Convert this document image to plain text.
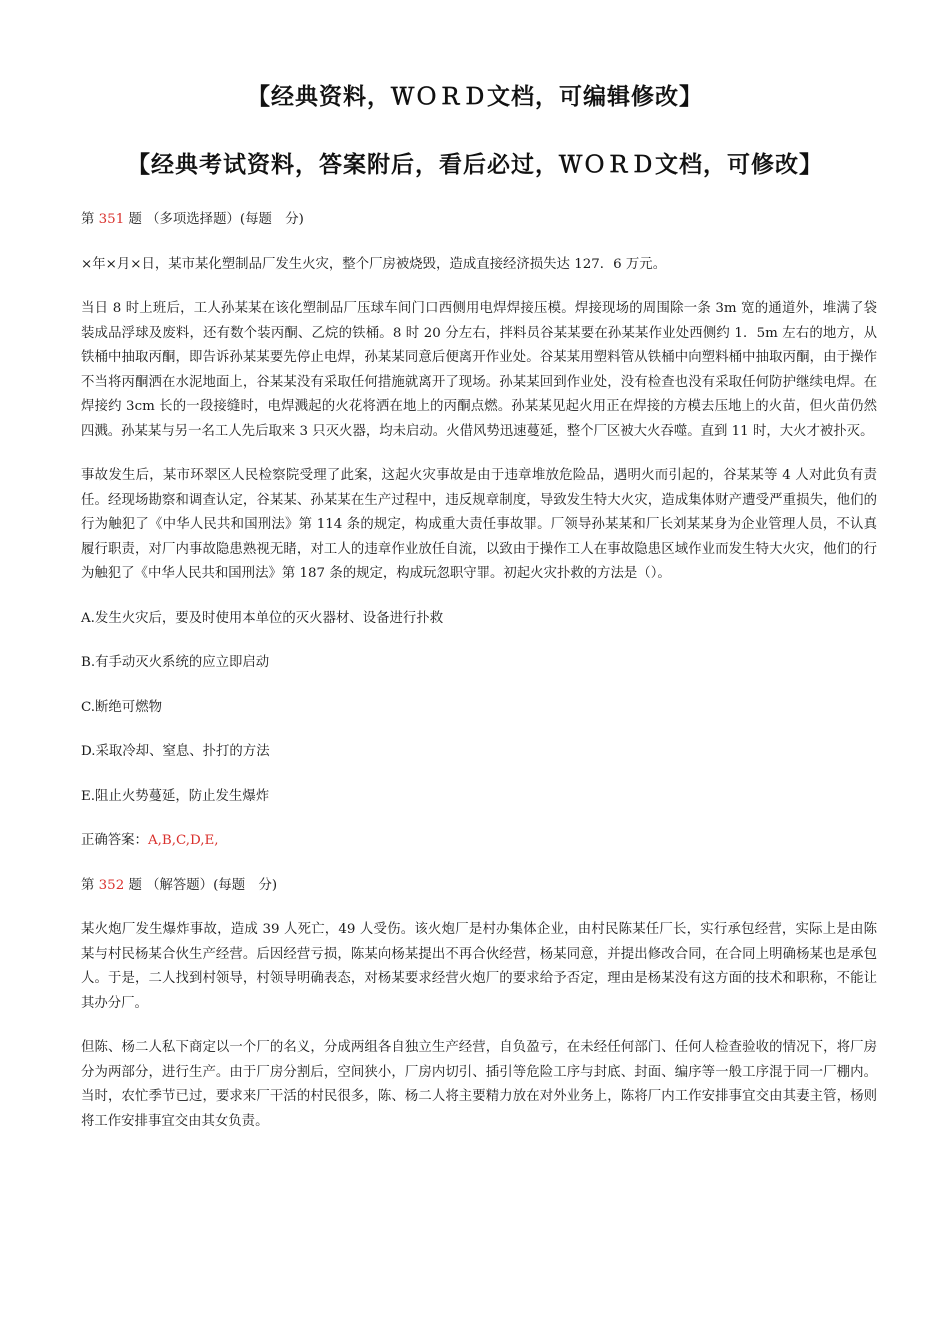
【经典资料，ＷＯＲＤ文档，可编辑修改】
【经典考试资料，答案附后，看后必过，ＷＯＲＤ文档，可修改】
第 351 题 （多项选择题）(每题　分)

×年×月×日，某市某化塑制品厂发生火灾，整个厂房被烧毁，造成直接经济损失达 127．6 万元。

当日 8 时上班后，工人孙某某在该化塑制品厂压球车间门口西侧用电焊焊接压模。焊接现场的周围除一条 3m 宽的通道外，堆满了袋装成品浮球及废料，还有数个装丙酮、乙烷的铁桶。8 时 20 分左右，拌料员谷某某要在孙某某作业处西侧约 1．5m 左右的地方，从铁桶中抽取丙酮，即告诉孙某某要先停止电焊，孙某某同意后便离开作业处。谷某某用塑料管从铁桶中向塑料桶中抽取丙酮，由于操作不当将丙酮洒在水泥地面上，谷某某没有采取任何措施就离开了现场。孙某某回到作业处，没有检查也没有采取任何防护继续电焊。在焊接约 3cm 长的一段接缝时，电焊溅起的火花将洒在地上的丙酮点燃。孙某某见起火用正在焊接的方模去压地上的火苗，但火苗仍然四溅。孙某某与另一名工人先后取来 3 只灭火器，均未启动。火借风势迅速蔓延，整个厂区被大火吞噬。直到 11 时，大火才被扑灭。

事故发生后，某市环翠区人民检察院受理了此案，这起火灾事故是由于违章堆放危险品，遇明火而引起的，谷某某等 4 人对此负有责任。经现场勘察和调查认定，谷某某、孙某某在生产过程中，违反规章制度，导致发生特大火灾，造成集体财产遭受严重损失，他们的行为触犯了《中华人民共和国刑法》第 114 条的规定，构成重大责任事故罪。厂领导孙某某和厂长刘某某身为企业管理人员，不认真履行职责，对厂内事故隐患熟视无睹，对工人的违章作业放任自流，以致由于操作工人在事故隐患区域作业而发生特大火灾，他们的行为触犯了《中华人民共和国刑法》第 187 条的规定，构成玩忽职守罪。初起火灾扑救的方法是（）。

A.发生火灾后，要及时使用本单位的灭火器材、设备进行扑救
B.有手动灭火系统的应立即启动
C.断绝可燃物
D.采取冷却、窒息、扑打的方法
E.阻止火势蔓延，防止发生爆炸
正确答案：A,B,C,D,E,
第 352 题 （解答题）(每题　分)

某火炮厂发生爆炸事故，造成 39 人死亡，49 人受伤。该火炮厂是村办集体企业，由村民陈某任厂长，实行承包经营，实际上是由陈某与村民杨某合伙生产经营。后因经营亏损，陈某向杨某提出不再合伙经营，杨某同意，并提出修改合同，在合同上明确杨某也是承包人。于是，二人找到村领导，村领导明确表态，对杨某要求经营火炮厂的要求给予否定，理由是杨某没有这方面的技术和职称，不能让其办分厂。

但陈、杨二人私下商定以一个厂的名义，分成两组各自独立生产经营，自负盈亏，在未经任何部门、任何人检查验收的情况下，将厂房分为两部分，进行生产。由于厂房分割后，空间狭小，厂房内切引、插引等危险工序与封底、封面、编序等一般工序混于同一厂棚内。当时，农忙季节已过，要求来厂干活的村民很多，陈、杨二人将主要精力放在对外业务上，陈将厂内工作安排事宜交由其妻主管，杨则将工作安排事宜交由其女负责。
